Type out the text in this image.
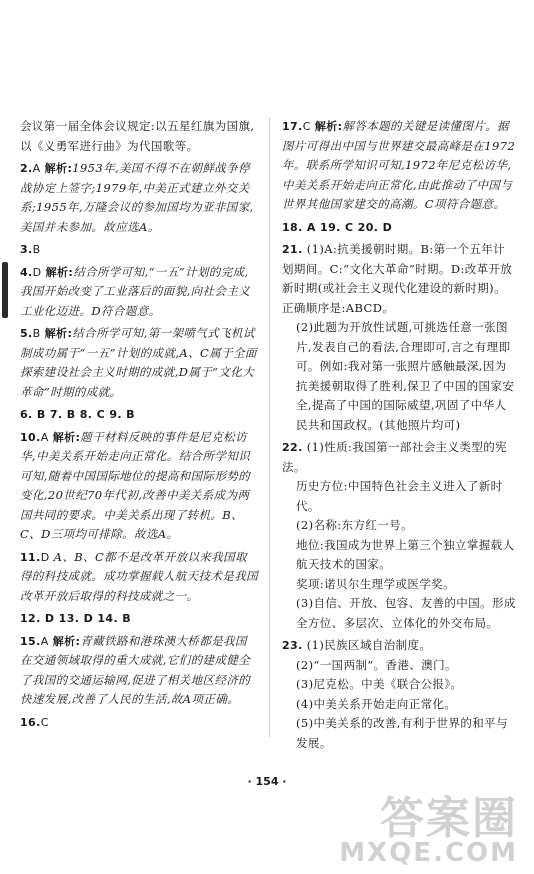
会议第一届全体会议规定:以五星红旗为国旗,以《义勇军进行曲》为代国歌等。
2.A 解析:1953年,美国不得不在朝鲜战争停战协定上签字;1979年,中美正式建立外交关系;1955年,万隆会议的参加国均为亚非国家,美国并未参加。故应选A。
3.B
4.D 解析:结合所学可知,“一五”计划的完成,我国开始改变了工业落后的面貌,向社会主义工业化迈进。D符合题意。
5.B 解析:结合所学可知,第一架喷气式飞机试制成功属于“一五”计划的成就,A、C属于全面探索建设社会主义时期的成就,D属于“文化大革命”时期的成就。
6. B 7. B 8. C 9. B
10.A 解析:题干材料反映的事件是尼克松访华,中美关系开始走向正常化。结合所学知识可知,随着中国国际地位的提高和国际形势的变化,20世纪70年代初,改善中美关系成为两国共同的要求。中美关系出现了转机。B、C、D三项均可排除。故选A。
11.D A、B、C都不是改革开放以来我国取得的科技成就。成功掌握载人航天技术是我国改革开放后取得的科技成就之一。
12. D 13. D 14. B
15.A 解析:青藏铁路和港珠澳大桥都是我国在交通领域取得的重大成就,它们的建成健全了我国的交通运输网,促进了相关地区经济的快速发展,改善了人民的生活,故A项正确。
16.C
17.C 解析:解答本题的关键是读懂图片。据图片可得出中国与世界建交最高峰是在1972年。联系所学知识可知,1972年尼克松访华,中美关系开始走向正常化,由此推动了中国与世界其他国家建交的高潮。C项符合题意。
18. A 19. C 20. D
21. (1)A:抗美援朝时期。B:第一个五年计划期间。C:“文化大革命”时期。D:改革开放新时期(或社会主义现代化建设的新时期)。正确顺序是:ABCD。
(2)此题为开放性试题,可挑选任意一张图片,发表自己的看法,合理即可,言之有理即可。例如:我对第一张照片感触最深,因为抗美援朝取得了胜利,保卫了中国的国家安全,提高了中国的国际威望,巩固了中华人民共和国政权。(其他照片均可)
22. (1)性质:我国第一部社会主义类型的宪法。
历史方位:中国特色社会主义进入了新时代。
(2)名称:东方红一号。
地位:我国成为世界上第三个独立掌握载人航天技术的国家。
奖项:诺贝尔生理学或医学奖。
(3)自信、开放、包容、友善的中国。形成全方位、多层次、立体化的外交布局。
23. (1)民族区域自治制度。
(2)“一国两制”。香港、澳门。
(3)尼克松。中美《联合公报》。
(4)中美关系开始走向正常化。
(5)中美关系的改善,有利于世界的和平与发展。
· 154 ·
答案圈
MXQE.COM
